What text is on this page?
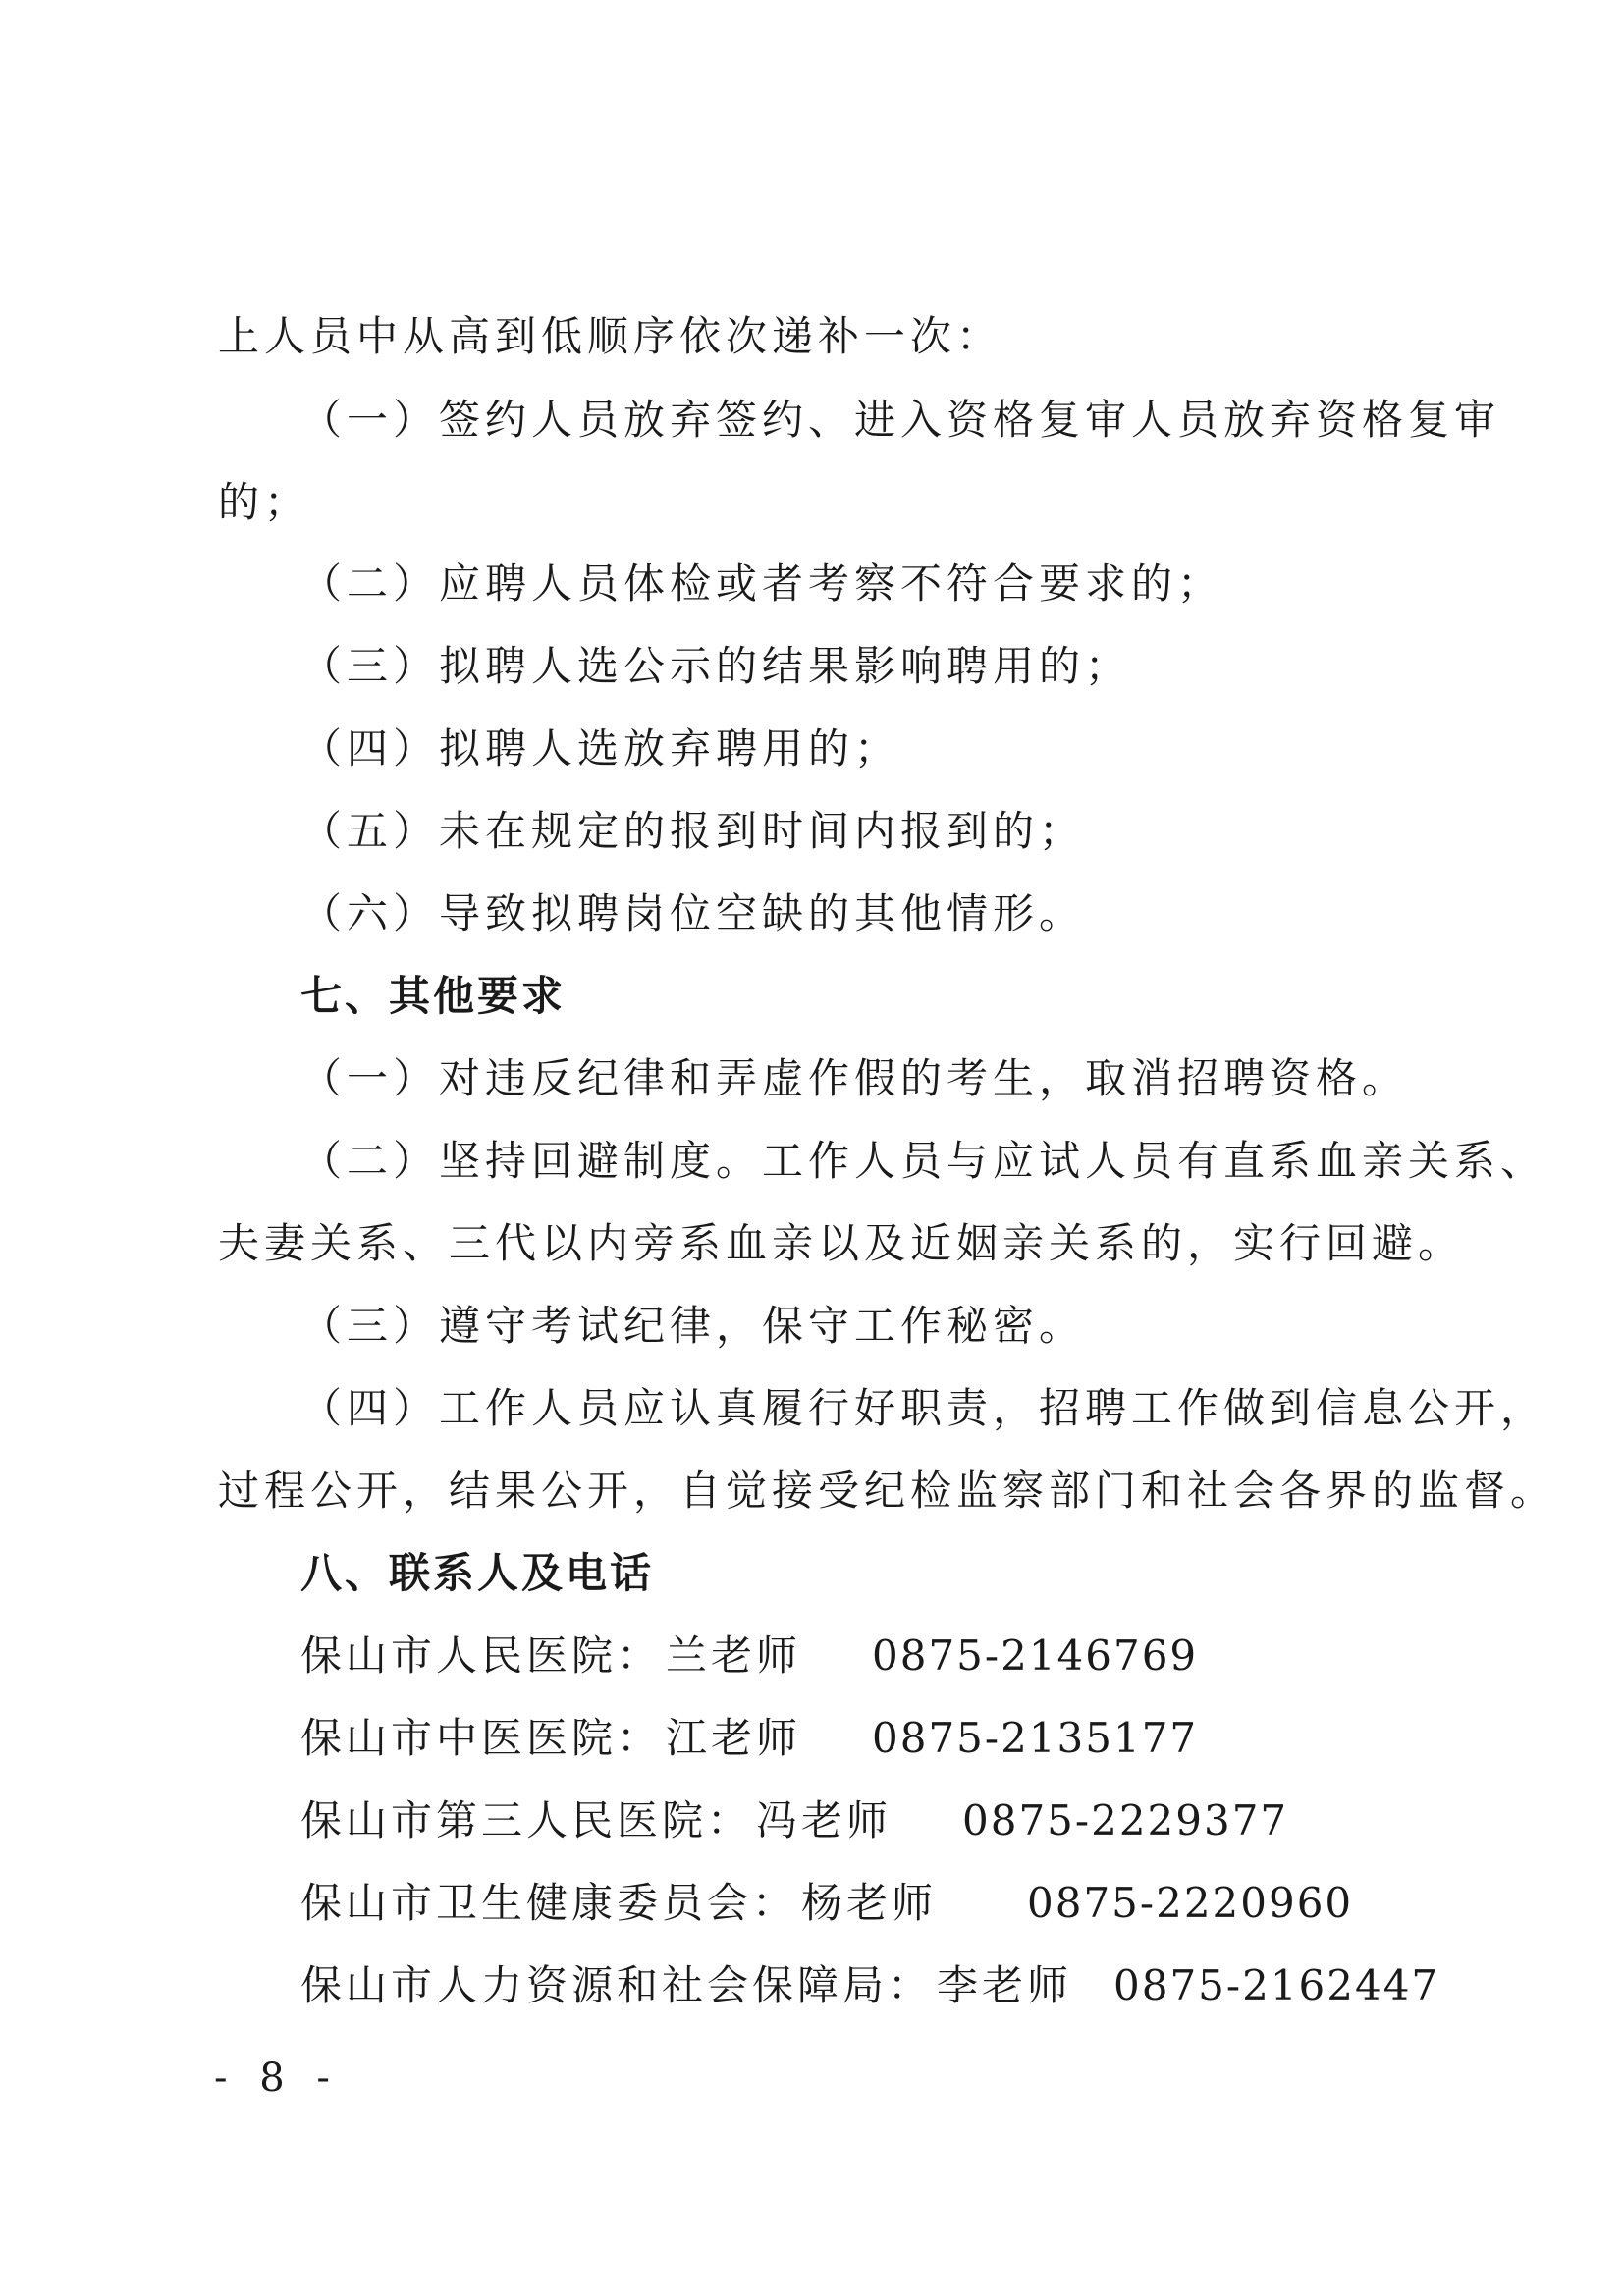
上人员中从高到低顺序依次递补一次：
（一）签约人员放弃签约、进入资格复审人员放弃资格复审
的；
（二）应聘人员体检或者考察不符合要求的；
（三）拟聘人选公示的结果影响聘用的；
（四）拟聘人选放弃聘用的；
（五）未在规定的报到时间内报到的；
（六）导致拟聘岗位空缺的其他情形。
七、其他要求
（一）对违反纪律和弄虚作假的考生，取消招聘资格。
（二）坚持回避制度。工作人员与应试人员有直系血亲关系、
夫妻关系、三代以内旁系血亲以及近姻亲关系的，实行回避。
（三）遵守考试纪律，保守工作秘密。
（四）工作人员应认真履行好职责，招聘工作做到信息公开，
过程公开，结果公开，自觉接受纪检监察部门和社会各界的监督。
八、联系人及电话
保山市人民医院：兰老师 0875-2146769
保山市中医医院：江老师 0875-2135177
保山市第三人民医院：冯老师 0875-2229377
保山市卫生健康委员会：杨老师 0875-2220960
保山市人力资源和社会保障局：李老师 0875-2162447
- 8 -
